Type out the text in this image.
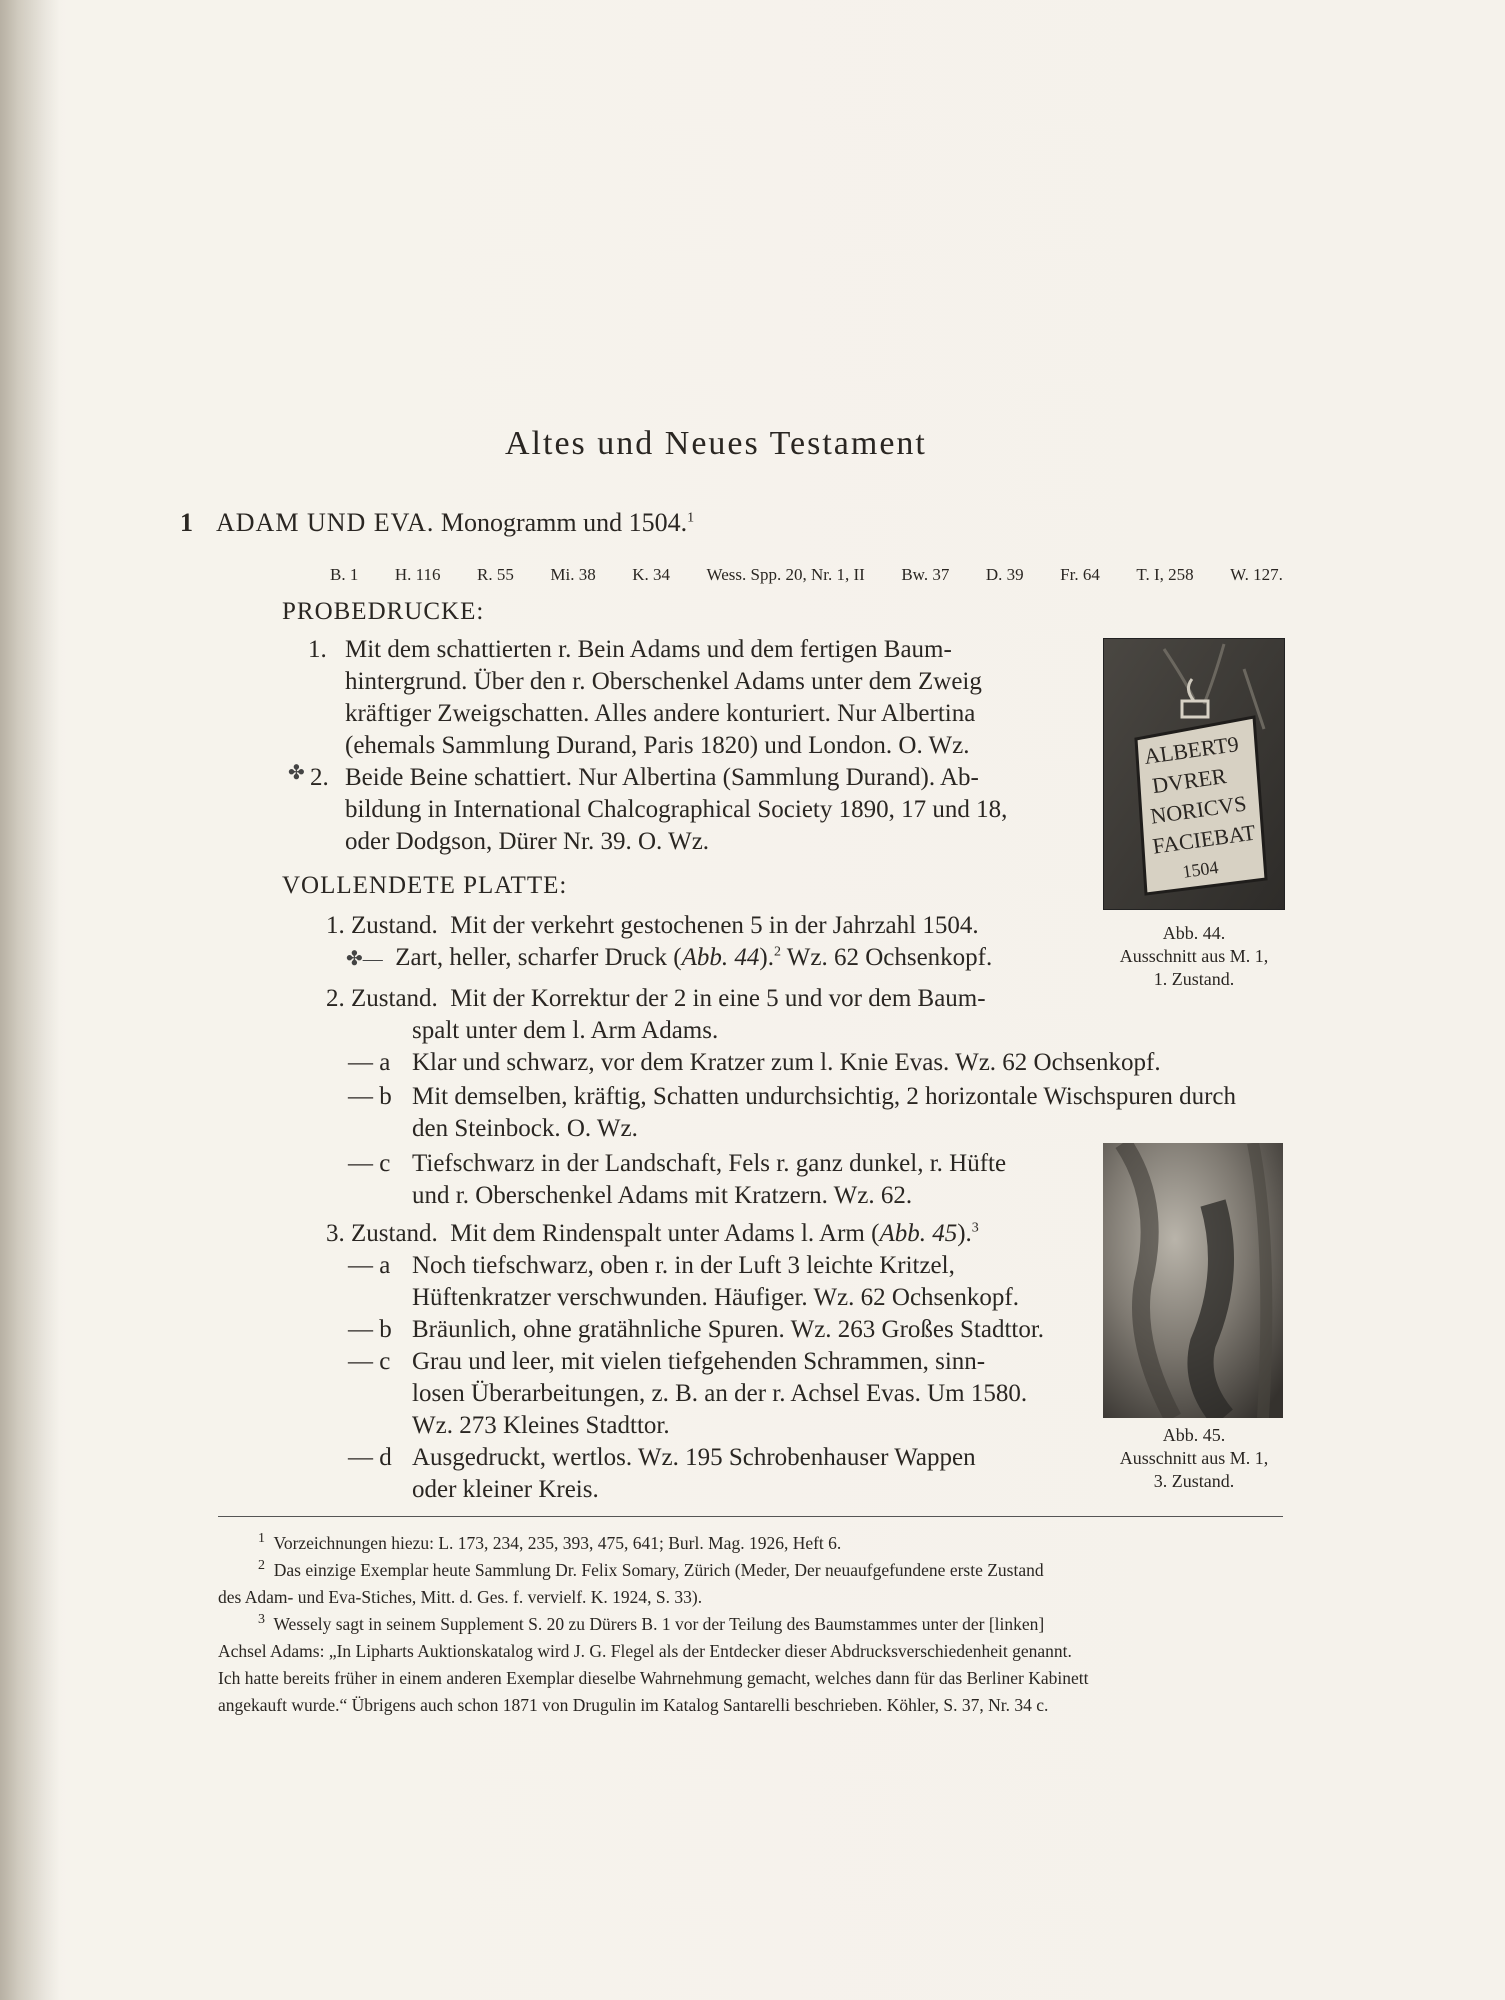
Altes und Neues Testament
1 ADAM UND EVA. Monogramm und 1504.$^1$
B. 1 H. 116 R. 55 Mi. 38 K. 34 Wess. Spp. 20, Nr. 1, II Bw. 37 D. 39 Fr. 64 T. I, 258 W. 127.
PROBEDRUCKE:
1. Mit dem schattierten r. Bein Adams und dem fertigen Baum-
hintergrund. Über den r. Oberschenkel Adams unter dem Zweig
kräftiger Zweigschatten. Alles andere konturiert. Nur Albertina
(ehemals Sammlung Durand, Paris 1820) und London. O. Wz.
✤ 2. Beide Beine schattiert. Nur Albertina (Sammlung Durand). Ab-
bildung in International Chalcographical Society 1890, 17 und 18,
oder Dodgson, Dürer Nr. 39. O. Wz.
VOLLENDETE PLATTE:
1. Zustand. Mit der verkehrt gestochenen 5 in der Jahrzahl 1504.
✤— Zart, heller, scharfer Druck (Abb. 44).$^2$ Wz. 62 Ochsenkopf.
2. Zustand. Mit der Korrektur der 2 in eine 5 und vor dem Baum-
spalt unter dem l. Arm Adams.
— a Klar und schwarz, vor dem Kratzer zum l. Knie Evas. Wz. 62 Ochsenkopf.
— b Mit demselben, kräftig, Schatten undurchsichtig, 2 horizontale Wischspuren durch
den Steinbock. O. Wz.
— c Tiefschwarz in der Landschaft, Fels r. ganz dunkel, r. Hüfte
und r. Oberschenkel Adams mit Kratzern. Wz. 62.
3. Zustand. Mit dem Rindenspalt unter Adams l. Arm (Abb. 45).$^3$
— a Noch tiefschwarz, oben r. in der Luft 3 leichte Kritzel,
Hüftenkratzer verschwunden. Häufiger. Wz. 62 Ochsenkopf.
— b Bräunlich, ohne gratähnliche Spuren. Wz. 263 Großes Stadttor.
— c Grau und leer, mit vielen tiefgehenden Schrammen, sinn-
losen Überarbeitungen, z. B. an der r. Achsel Evas. Um 1580.
Wz. 273 Kleines Stadttor.
— d Ausgedruckt, wertlos. Wz. 195 Schrobenhauser Wappen
oder kleiner Kreis.
ALBERT9
DVRER
NORICVS
FACIEBAT
1504
Abb. 44.
Ausschnitt aus M. 1,
1. Zustand.
Abb. 45.
Ausschnitt aus M. 1,
3. Zustand.
$^1$ Vorzeichnungen hiezu: L. 173, 234, 235, 393, 475, 641; Burl. Mag. 1926, Heft 6.
$^2$ Das einzige Exemplar heute Sammlung Dr. Felix Somary, Zürich (Meder, Der neuaufgefundene erste Zustand
des Adam- und Eva-Stiches, Mitt. d. Ges. f. vervielf. K. 1924, S. 33).
$^3$ Wessely sagt in seinem Supplement S. 20 zu Dürers B. 1 vor der Teilung des Baumstammes unter der [linken]
Achsel Adams: „In Lipharts Auktionskatalog wird J. G. Flegel als der Entdecker dieser Abdrucksverschiedenheit genannt.
Ich hatte bereits früher in einem anderen Exemplar dieselbe Wahrnehmung gemacht, welches dann für das Berliner Kabinett
angekauft wurde.“ Übrigens auch schon 1871 von Drugulin im Katalog Santarelli beschrieben. Köhler, S. 37, Nr. 34 c.
